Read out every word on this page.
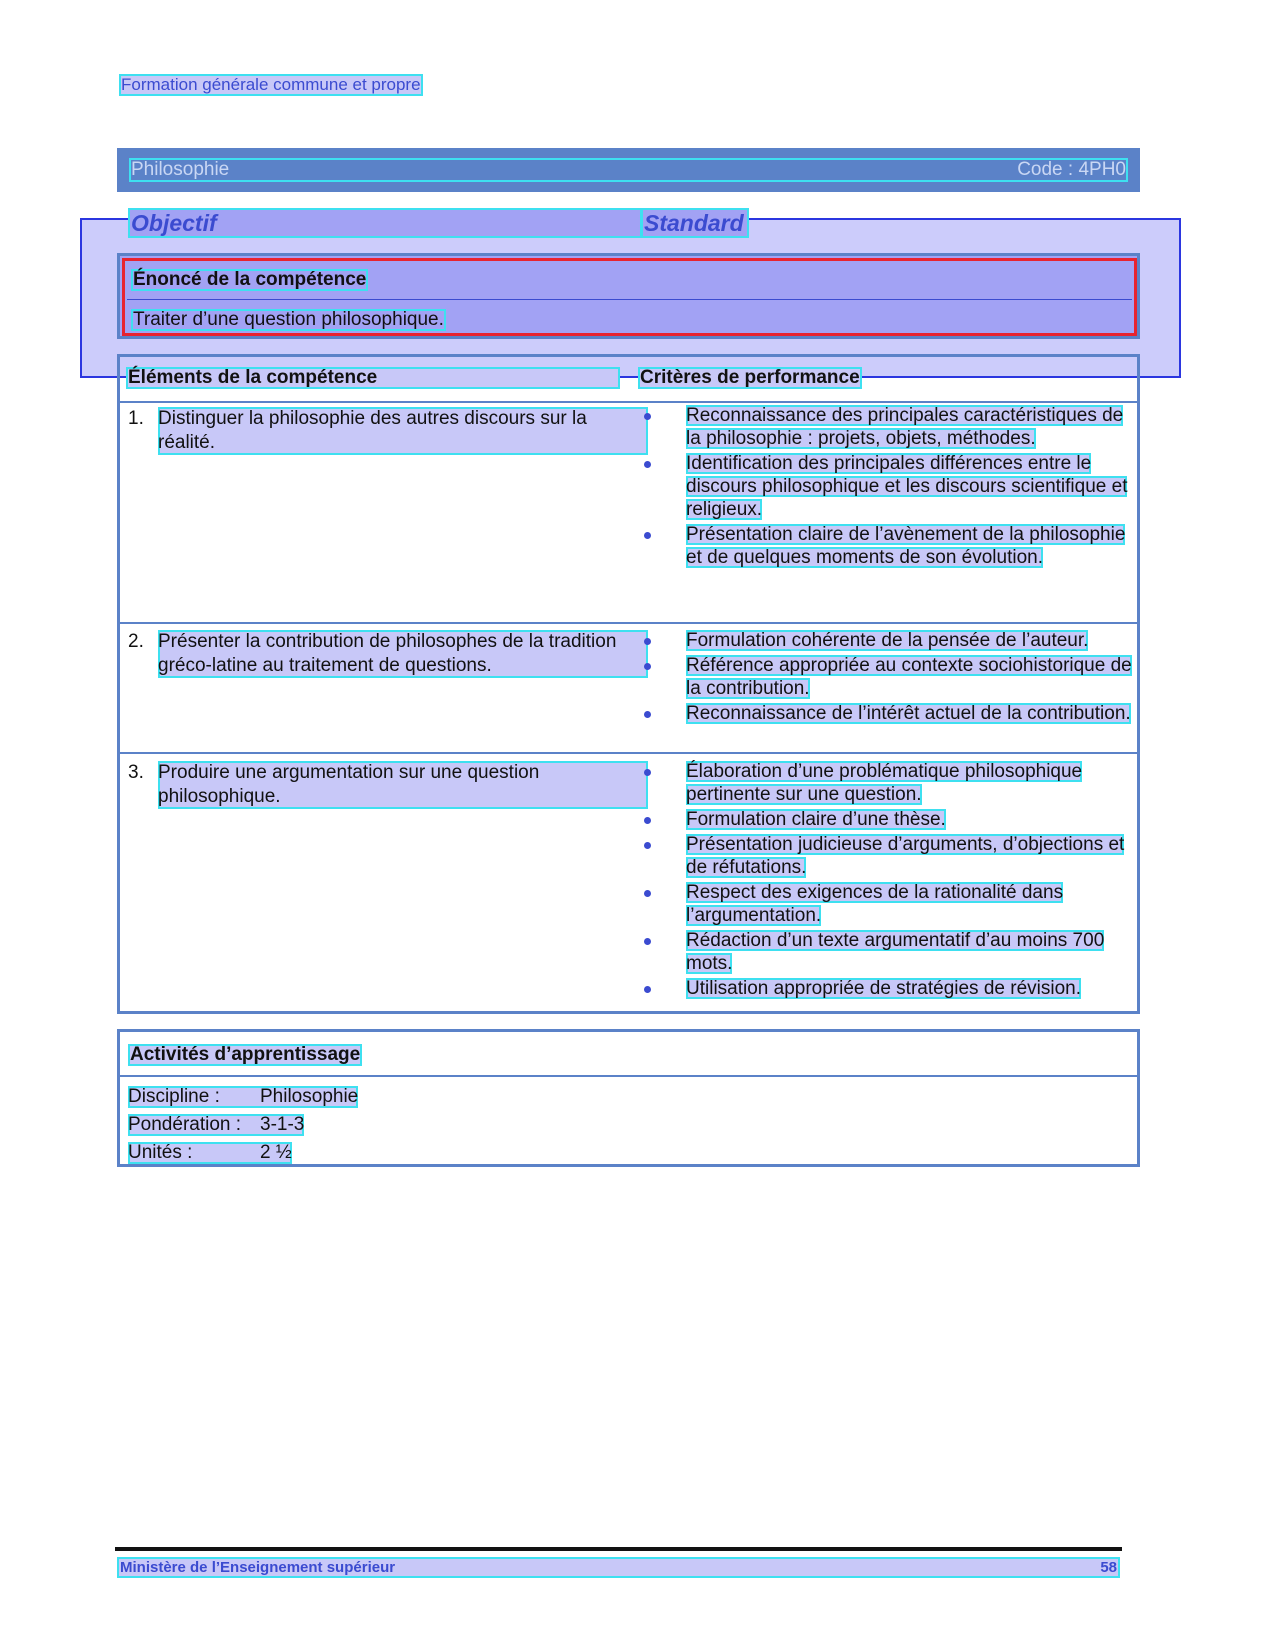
Formation générale commune et propre
Philosophie	Code : 4PH0
Objectif	Standard
Énoncé de la compétence
Traiter d’une question philosophique.
Éléments de la compétence	Critères de performance
1. Distinguer la philosophie des autres discours sur la réalité.
Reconnaissance des principales caractéristiques de la philosophie : projets, objets, méthodes.
Identification des principales différences entre le discours philosophique et les discours scientifique et religieux.
Présentation claire de l’avènement de la philosophie et de quelques moments de son évolution.
2. Présenter la contribution de philosophes de la tradition gréco-latine au traitement de questions.
Formulation cohérente de la pensée de l’auteur.
Référence appropriée au contexte sociohistorique de la contribution.
Reconnaissance de l’intérêt actuel de la contribution.
3. Produire une argumentation sur une question philosophique.
Élaboration d’une problématique philosophique pertinente sur une question.
Formulation claire d’une thèse.
Présentation judicieuse d’arguments, d’objections et de réfutations.
Respect des exigences de la rationalité dans l’argumentation.
Rédaction d’un texte argumentatif d’au moins 700 mots.
Utilisation appropriée de stratégies de révision.
Activités d’apprentissage
Discipline : Philosophie
Pondération : 3-1-3
Unités :	2 ½
Ministère de l’Enseignement supérieur	58
